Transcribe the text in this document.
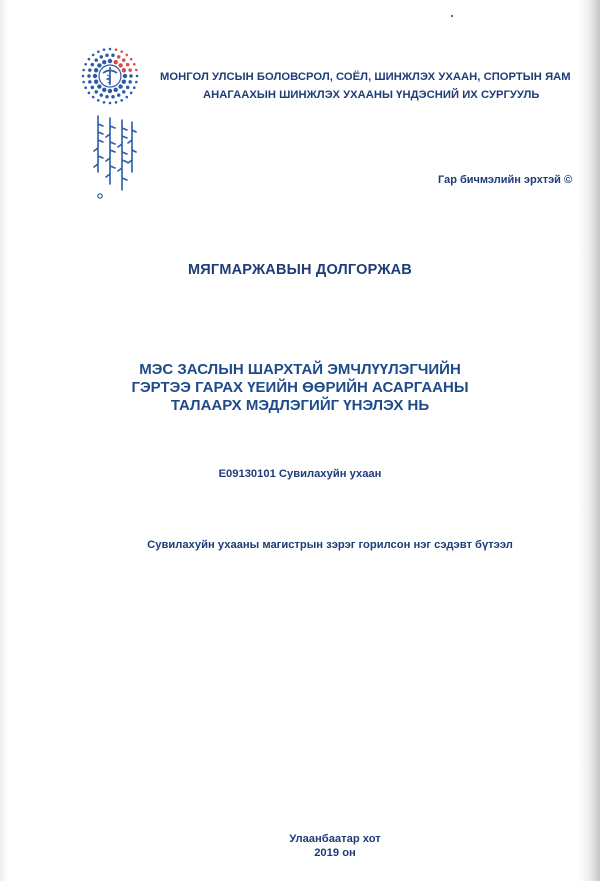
МОНГОЛ УЛСЫН БОЛОВСРОЛ, СОЁЛ, ШИНЖЛЭХ УХААН, СПОРТЫН ЯАМ
АНАГААХЫН ШИНЖЛЭХ УХААНЫ ҮНДЭСНИЙ ИХ СУРГУУЛЬ
Гар бичмэлийн эрхтэй ©
МЯГМАРЖАВЫН ДОЛГОРЖАВ
МЭС ЗАСЛЫН ШАРХТАЙ ЭМЧЛҮҮЛЭГЧИЙН
ГЭРТЭЭ ГАРАХ ҮЕИЙН ӨӨРИЙН АСАРГААНЫ
ТАЛААРХ МЭДЛЭГИЙГ ҮНЭЛЭХ НЬ
E09130101 Сувилахуйн ухаан
Сувилахуйн ухааны магистрын зэрэг горилсон нэг сэдэвт бүтээл
Улаанбаатар хот
2019 он
